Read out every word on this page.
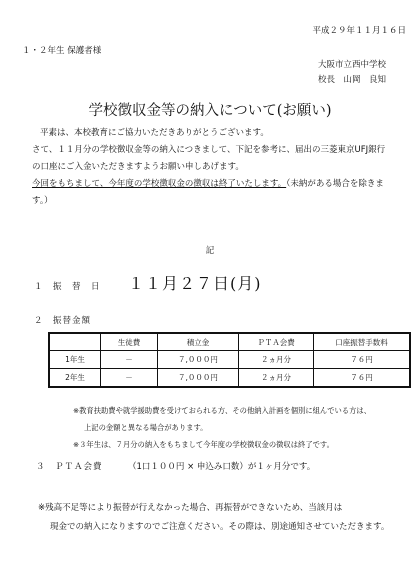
平成２９年１１月１６日
１・２年生 保護者様
大阪市立西中学校
校長　山岡　良知
学校徴収金等の納入について(お願い)

平素は、本校教育にご協力いただきありがとうございます。

さて、１１月分の学校徴収金等の納入につきまして、下記を参考に、届出の三菱東京UFJ銀行の口座にご入金いただきますようお願い申しあげます。

今回をもちまして、今年度の学校徴収金の徴収は終了いたします。（未納がある場合を除きます。）

記
１　振　替　日 １１月２７日(月)
２　振替金額
	生徒費	積立金	ＰＴＡ会費	口座振替手数料
1年生	－	７,０００円	２ヵ月分	７６円
2年生	－	７,０００円	２ヵ月分	７６円
※教育扶助費や就学援助費を受けておられる方、その他納入計画を個別に組んでいる方は、
上記の金額と異なる場合があります。
※３年生は、７月分の納入をもちまして今年度の学校徴収金の徴収は終了です。
３　ＰＴＡ会費	（1口１００円 × 申込み口数）が１ヶ月分です。
※残高不足等により振替が行えなかった場合、再振替ができないため、当該月は
現金での納入になりますのでご注意ください。その際は、別途通知させていただきます。
